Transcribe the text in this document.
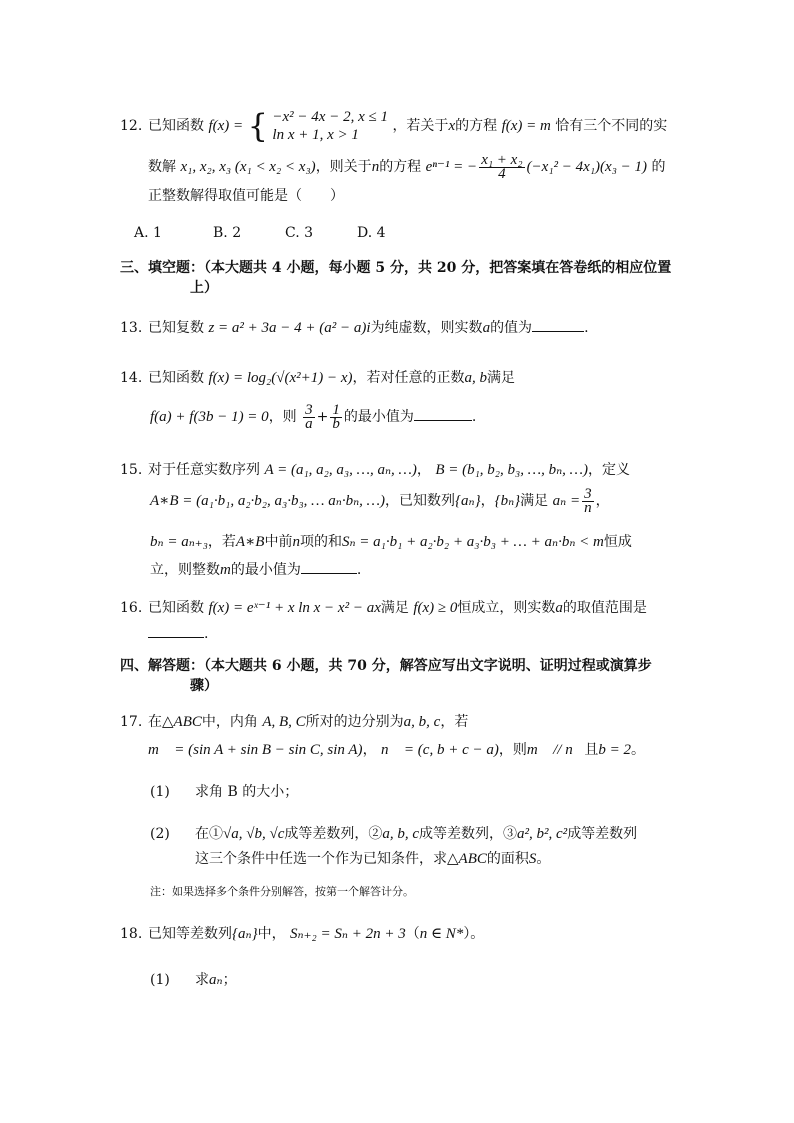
12. 已知函数 f(x) = { −x² − 4x − 2, x ≤ 1
ln x + 1, x > 1
，若关于x的方程 f(x) = m 恰有三个不同的实
数解 x₁, x₂, x₃ (x₁ < x₂ < x₃)，则关于n的方程 eⁿ⁻¹ = − $\frac{\text{x₁ + x₂}}{4} (-x_1^2 - 4x_1)(x_3 - 1)$ 的
正整数解得取值可能是（　　）
A. 1	B. 2	C. 3	D. 4
三、填空题：（本大题共 4 小题，每小题 5 分，共 20 分，把答案填在答卷纸的相应位置
上）
13. 已知复数 z = a² + 3a − 4 + (a² − a)i为纯虚数，则实数a的值为	.
14. 已知函数 f(x) = log₂(√(x²+1) − x)，若对任意的正数a, b满足
f(a) + f(3b − 1) = 0，则 $\frac{3}{a} + \frac{1}{b}$ 的最小值为	.
15. 对于任意实数序列 A = (a₁, a₂, a₃, …, aₙ, …)， B = (b₁, b₂, b₃, …, bₙ, …)，定义
A∗B = (a₁·b₁, a₂·b₂, a₃·b₃, … aₙ·bₙ, …)，已知数列{aₙ}，{bₙ}满足 $a_n = \frac{3}{n}$ ，
bₙ = aₙ₊₃，若A∗B中前n项的和Sₙ = a₁·b₁ + a₂·b₂ + a₃·b₃ + … + aₙ·bₙ < m恒成
立，则整数m的最小值为	.
16. 已知函数 f(x) = eˣ⁻¹ + x ln x − x² − ax满足 f(x) ≥ 0恒成立，则实数a的取值范围是
.
四、解答题：（本大题共 6 小题，共 70 分，解答应写出文字说明、证明过程或演算步
骤）
17. 在△ABC中，内角 A, B, C所对的边分别为a, b, c，若
m⃗ = (sin A + sin B − sin C, sin A)， n⃗ = (c, b + c − a)，则m⃗ // n⃗且b = 2。
(1) 求角 B 的大小；
(2) 在①√a, √b, √c成等差数列，②a, b, c成等差数列，③a², b², c²成等差数列
这三个条件中任选一个作为已知条件，求△ABC的面积S。
注：如果选择多个条件分别解答，按第一个解答计分。
18. 已知等差数列{aₙ}中， Sₙ₊₂ = Sₙ + 2n + 3（n ∈ N*）。
(1) 求aₙ；
